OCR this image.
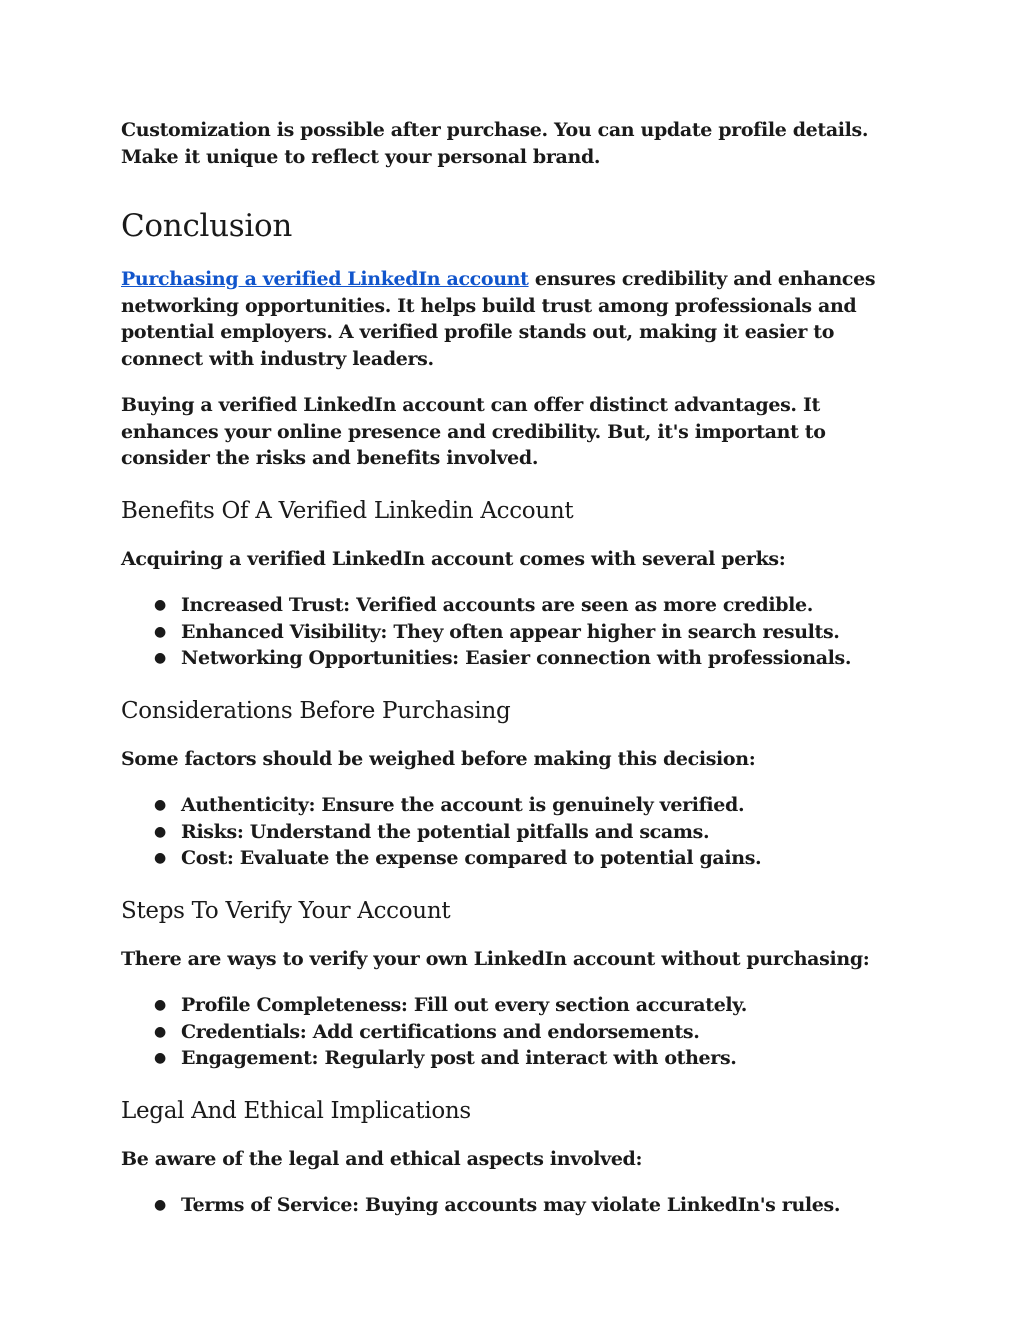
Customization is possible after purchase. You can update profile details. Make it unique to reflect your personal brand.

Conclusion

Purchasing a verified LinkedIn account ensures credibility and enhances networking opportunities. It helps build trust among professionals and potential employers. A verified profile stands out, making it easier to connect with industry leaders.

Buying a verified LinkedIn account can offer distinct advantages. It enhances your online presence and credibility. But, it's important to consider the risks and benefits involved.

Benefits Of A Verified Linkedin Account

Acquiring a verified LinkedIn account comes with several perks:

● Increased Trust: Verified accounts are seen as more credible.
● Enhanced Visibility: They often appear higher in search results.
● Networking Opportunities: Easier connection with professionals.
Considerations Before Purchasing

Some factors should be weighed before making this decision:

● Authenticity: Ensure the account is genuinely verified.
● Risks: Understand the potential pitfalls and scams.
● Cost: Evaluate the expense compared to potential gains.
Steps To Verify Your Account

There are ways to verify your own LinkedIn account without purchasing:

● Profile Completeness: Fill out every section accurately.
● Credentials: Add certifications and endorsements.
● Engagement: Regularly post and interact with others.
Legal And Ethical Implications

Be aware of the legal and ethical aspects involved:

● Terms of Service: Buying accounts may violate LinkedIn's rules.
